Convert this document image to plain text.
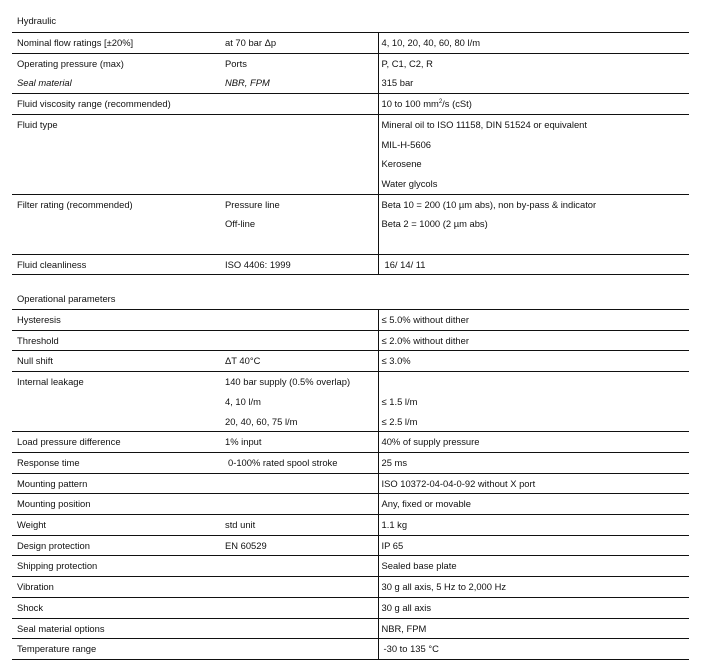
Hydraulic
Nominal flow ratings [±20%]	at 70 bar Δp	4, 10, 20, 40, 60, 80 l/m
Operating pressure (max)	Ports	P, C1, C2, R
Seal material	NBR, FPM	315 bar
Fluid viscosity range (recommended)		10 to 100 $mm^2/s$ (cSt)
Fluid type		Mineral oil to ISO 11158, DIN 51524 or equivalent
		MIL-H-5606
		Kerosene
		Water glycols
Filter rating (recommended)	Pressure line	Beta 10 = 200 (10 µm abs), non by-pass & indicator
	Off-line	Beta 2 = 1000 (2 µm abs)

Fluid cleanliness	ISO 4406: 1999	16/ 14/ 11
Operational parameters
Hysteresis		≤ 5.0% without dither
Threshold		≤ 2.0% without dither
Null shift	ΔT 40°C	≤ 3.0%
Internal leakage	140 bar supply (0.5% overlap)	
	4, 10 l/m	≤ 1.5 l/m
	20, 40, 60, 75 l/m	≤ 2.5 l/m
Load pressure difference	1% input	40% of supply pressure
Response time	0-100% rated spool stroke	25 ms
Mounting pattern		ISO 10372-04-04-0-92 without X port
Mounting position		Any, fixed or movable
Weight	std unit	1.1 kg
Design protection	EN 60529	IP 65
Shipping protection		Sealed base plate
Vibration		30 g all axis, 5 Hz to 2,000 Hz
Shock		30 g all axis
Seal material options		NBR, FPM
Temperature range		-30 to 135 °C
